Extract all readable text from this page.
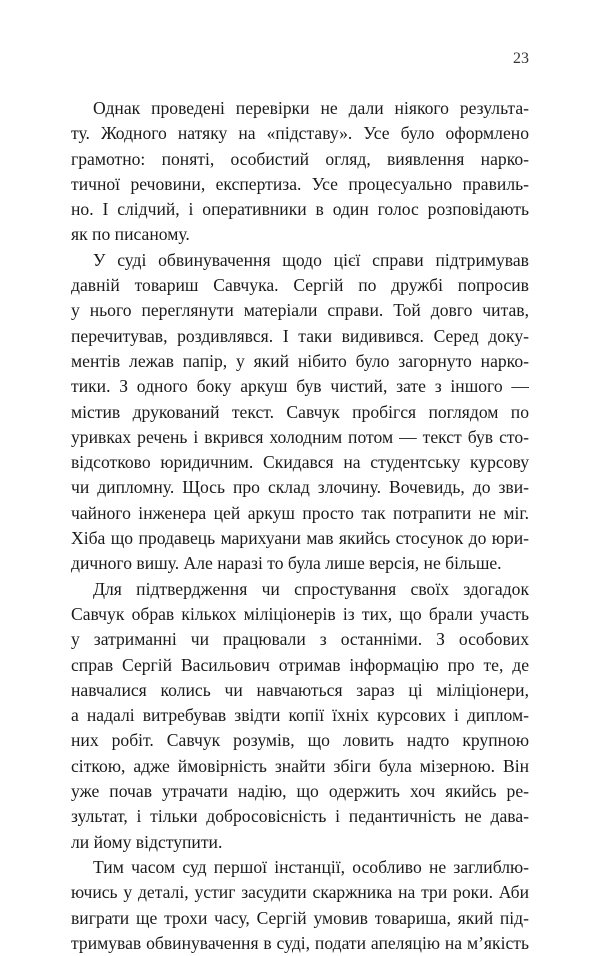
23
Однак проведені перевірки не дали ніякого результа-
ту. Жодного натяку на «підставу». Усе було оформлено
грамотно: поняті, особистий огляд, виявлення нарко-
тичної речовини, експертиза. Усе процесуально правиль-
но. І слідчий, і оперативники в один голос розповідають
як по писаному.
У суді обвинувачення щодо цієї справи підтримував
давній товариш Савчука. Сергій по дружбі попросив
у нього переглянути матеріали справи. Той довго читав,
перечитував, роздивлявся. І таки видивився. Серед доку-
ментів лежав папір, у який нібито було загорнуто нарко-
тики. З одного боку аркуш був чистий, зате з іншого —
містив друкований текст. Савчук пробігся поглядом по
уривках речень і вкрився холодним потом — текст був сто-
відсотково юридичним. Скидався на студентську курсову
чи дипломну. Щось про склад злочину. Вочевидь, до зви-
чайного інженера цей аркуш просто так потрапити не міг.
Хіба що продавець марихуани мав якийсь стосунок до юри-
дичного вишу. Але наразі то була лише версія, не більше.
Для підтвердження чи спростування своїх здогадок
Савчук обрав кількох міліціонерів із тих, що брали участь
у затриманні чи працювали з останніми. З особових
справ Сергій Васильович отримав інформацію про те, де
навчалися колись чи навчаються зараз ці міліціонери,
а надалі витребував звідти копії їхніх курсових і диплом-
них робіт. Савчук розумів, що ловить надто крупною
сіткою, адже ймовірність знайти збіги була мізерною. Він
уже почав утрачати надію, що одержить хоч якийсь ре-
зультат, і тільки добросовісність і педантичність не дава-
ли йому відступити.
Тим часом суд першої інстанції, особливо не заглиблю-
ючись у деталі, устиг засудити скаржника на три роки. Аби
виграти ще трохи часу, Сергій умовив товариша, який під-
тримував обвинувачення в суді, подати апеляцію на м’якість
